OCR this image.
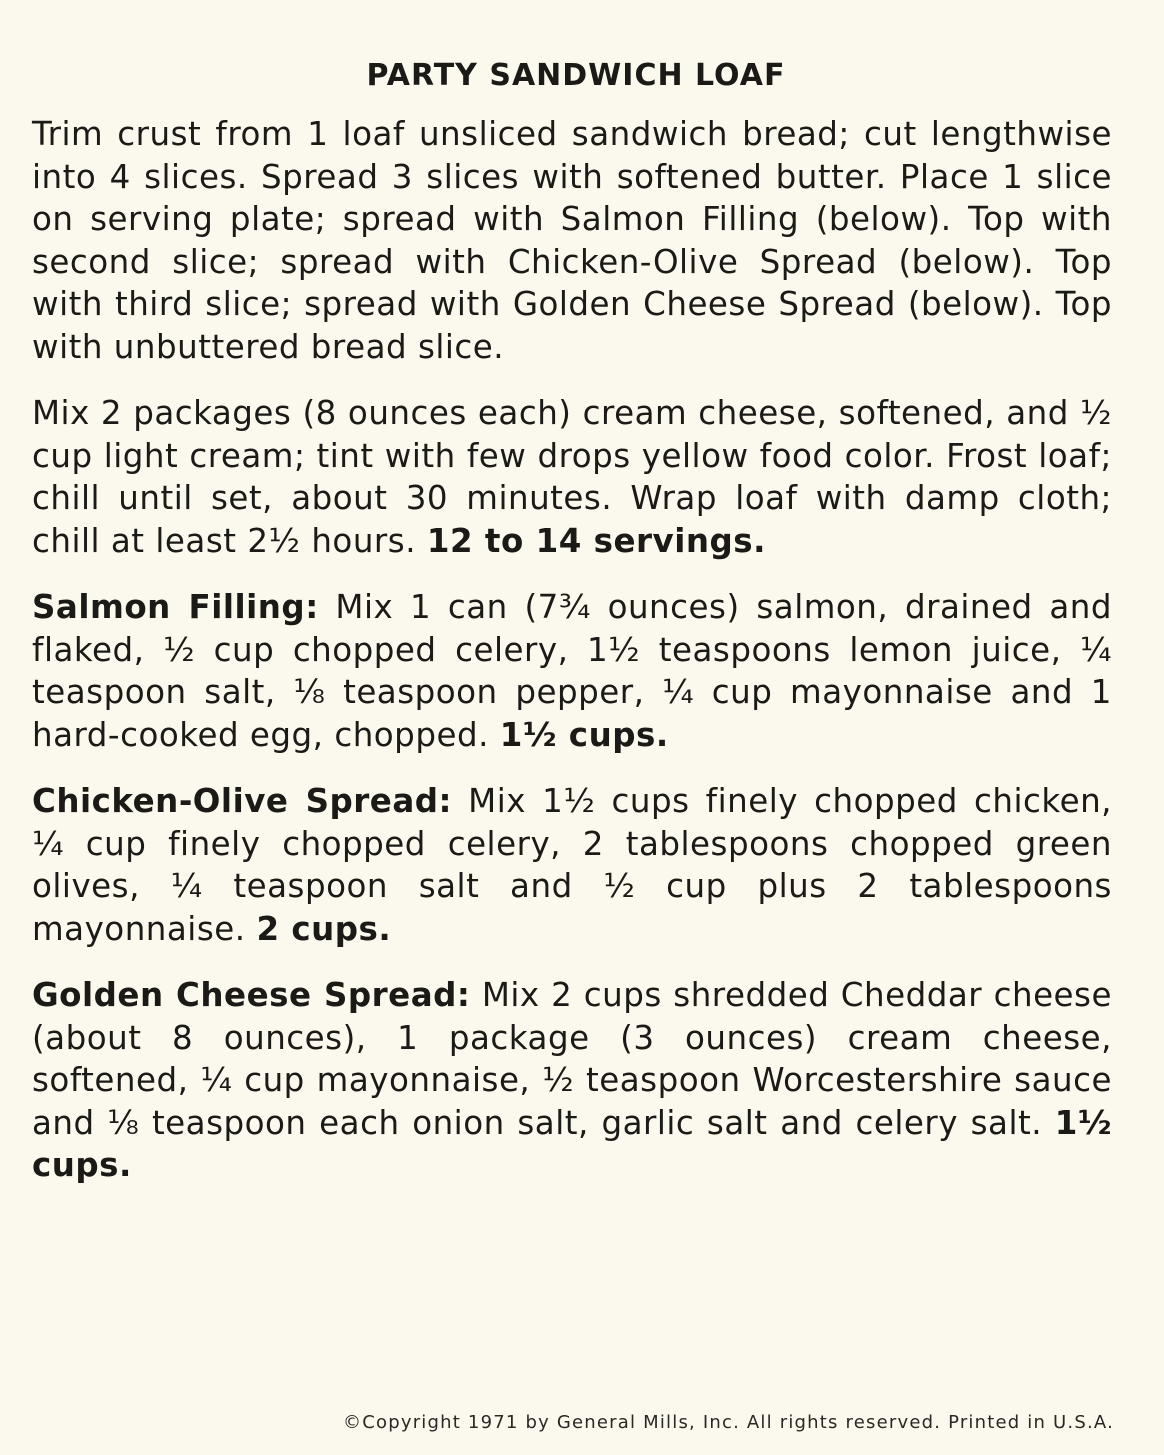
PARTY SANDWICH LOAF

Trim crust from 1 loaf unsliced sandwich bread; cut lengthwise into 4 slices. Spread 3 slices with softened butter. Place 1 slice on serving plate; spread with Salmon Filling (below). Top with second slice; spread with Chicken-Olive Spread (below). Top with third slice; spread with Golden Cheese Spread (below). Top with unbuttered bread slice.

Mix 2 packages (8 ounces each) cream cheese, softened, and ½ cup light cream; tint with few drops yellow food color. Frost loaf; chill until set, about 30 minutes. Wrap loaf with damp cloth; chill at least 2½ hours. 12 to 14 servings.

Salmon Filling: Mix 1 can (7¾ ounces) salmon, drained and flaked, ½ cup chopped celery, 1½ teaspoons lemon juice, ¼ teaspoon salt, ⅛ teaspoon pepper, ¼ cup mayonnaise and 1 hard-cooked egg, chopped. 1½ cups.

Chicken-Olive Spread: Mix 1½ cups finely chopped chicken, ¼ cup finely chopped celery, 2 tablespoons chopped green olives, ¼ teaspoon salt and ½ cup plus 2 tablespoons mayonnaise. 2 cups.

Golden Cheese Spread: Mix 2 cups shredded Cheddar cheese (about 8 ounces), 1 package (3 ounces) cream cheese, softened, ¼ cup mayonnaise, ½ teaspoon Worcestershire sauce and ⅛ teaspoon each onion salt, garlic salt and celery salt. 1½ cups.

©Copyright 1971 by General Mills, Inc. All rights reserved. Printed in U.S.A.
